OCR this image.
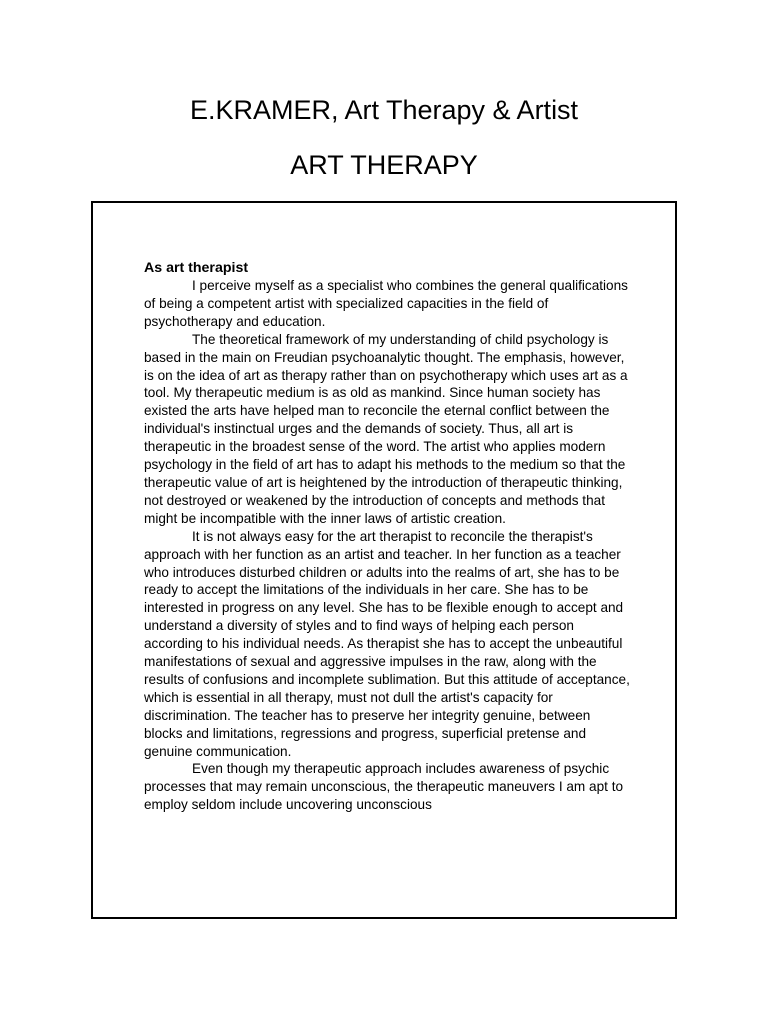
E.KRAMER, Art Therapy & Artist
ART THERAPY

As art therapist

I perceive myself as a specialist who combines the general qualifications of being a competent artist with specialized capacities in the field of psychotherapy and education.

The theoretical framework of my understanding of child psychology is based in the main on Freudian psychoanalytic thought. The emphasis, however, is on the idea of art as therapy rather than on psychotherapy which uses art as a tool. My therapeutic medium is as old as mankind. Since human society has existed the arts have helped man to reconcile the eternal conflict between the individual's instinctual urges and the demands of society. Thus, all art is therapeutic in the broadest sense of the word. The artist who applies modern psychology in the field of art has to adapt his methods to the medium so that the therapeutic value of art is heightened by the introduction of therapeutic thinking, not destroyed or weakened by the introduction of concepts and methods that might be incompatible with the inner laws of artistic creation.

It is not always easy for the art therapist to reconcile the therapist's approach with her function as an artist and teacher. In her function as a teacher who introduces disturbed children or adults into the realms of art, she has to be ready to accept the limitations of the individuals in her care. She has to be interested in progress on any level. She has to be flexible enough to accept and understand a diversity of styles and to find ways of helping each person according to his individual needs. As therapist she has to accept the unbeautiful manifestations of sexual and aggressive impulses in the raw, along with the results of confusions and incomplete sublimation. But this attitude of acceptance, which is essential in all therapy, must not dull the artist's capacity for discrimination. The teacher has to preserve her integrity genuine, between blocks and limitations, regressions and progress, superficial pretense and genuine communication.

Even though my therapeutic approach includes awareness of psychic processes that may remain unconscious, the therapeutic maneuvers I am apt to employ seldom include uncovering unconscious
